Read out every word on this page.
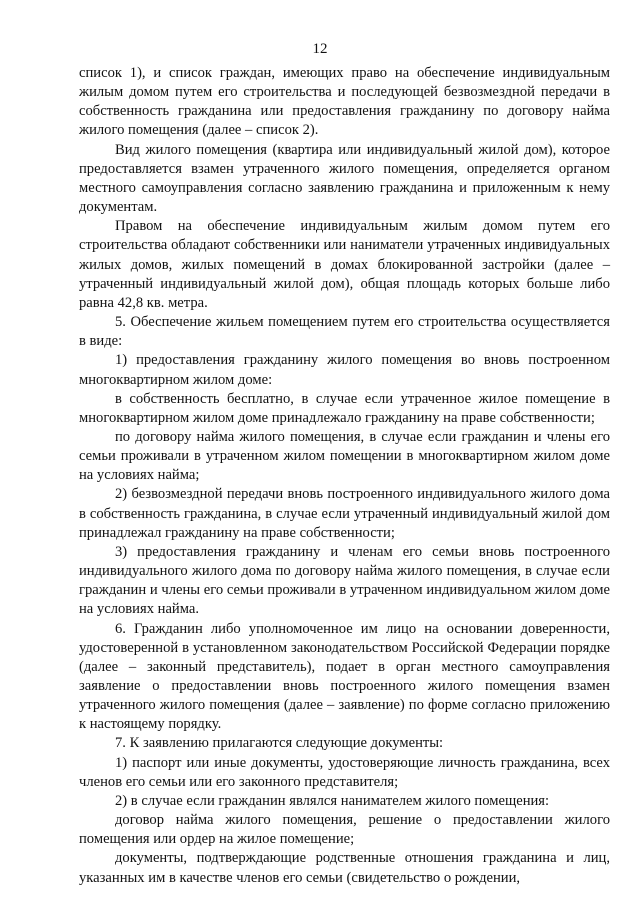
12

список 1), и список граждан, имеющих право на обеспечение индивидуальным жилым домом путем его строительства и последующей безвозмездной передачи в собственность гражданина или предоставления гражданину по договору найма жилого помещения (далее – список 2).

Вид жилого помещения (квартира или индивидуальный жилой дом), которое предоставляется взамен утраченного жилого помещения, определяется органом местного самоуправления согласно заявлению гражданина и приложенным к нему документам.

Правом на обеспечение индивидуальным жилым домом путем его строительства обладают собственники или наниматели утраченных индивидуальных жилых домов, жилых помещений в домах блокированной застройки (далее – утраченный индивидуальный жилой дом), общая площадь которых больше либо равна 42,8 кв. метра.

5. Обеспечение жильем помещением путем его строительства осуществляется в виде:

1) предоставления гражданину жилого помещения во вновь построенном многоквартирном жилом доме:

в собственность бесплатно, в случае если утраченное жилое помещение в многоквартирном жилом доме принадлежало гражданину на праве собственности;

по договору найма жилого помещения, в случае если гражданин и члены его семьи проживали в утраченном жилом помещении в многоквартирном жилом доме на условиях найма;

2) безвозмездной передачи вновь построенного индивидуального жилого дома в собственность гражданина, в случае если утраченный индивидуальный жилой дом принадлежал гражданину на праве собственности;

3) предоставления гражданину и членам его семьи вновь построенного индивидуального жилого дома по договору найма жилого помещения, в случае если гражданин и члены его семьи проживали в утраченном индивидуальном жилом доме на условиях найма.

6. Гражданин либо уполномоченное им лицо на основании доверенности, удостоверенной в установленном законодательством Российской Федерации порядке (далее – законный представитель), подает в орган местного самоуправления заявление о предоставлении вновь построенного жилого помещения взамен утраченного жилого помещения (далее – заявление) по форме согласно приложению к настоящему порядку.

7. К заявлению прилагаются следующие документы:

1) паспорт или иные документы, удостоверяющие личность гражданина, всех членов его семьи или его законного представителя;

2) в случае если гражданин являлся нанимателем жилого помещения:

договор найма жилого помещения, решение о предоставлении жилого помещения или ордер на жилое помещение;

документы, подтверждающие родственные отношения гражданина и лиц, указанных им в качестве членов его семьи (свидетельство о рождении,
